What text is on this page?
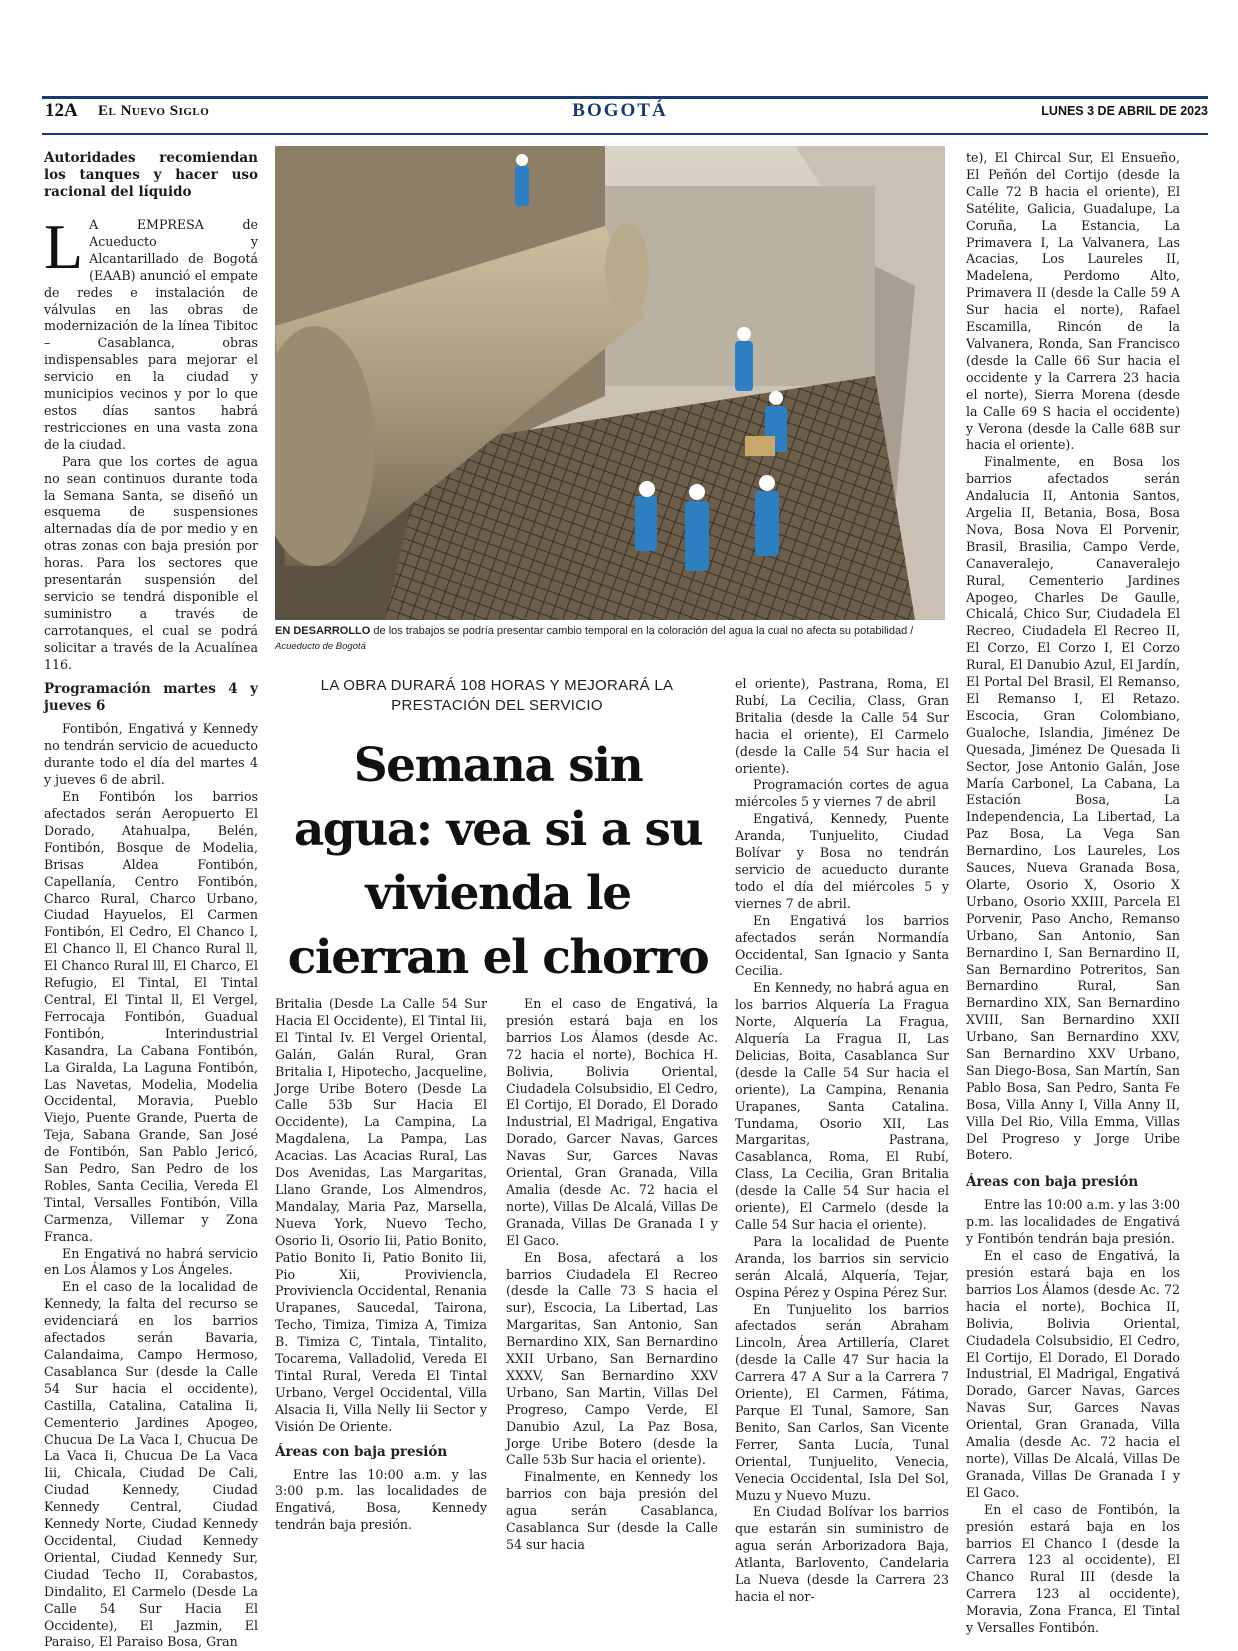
12A El Nuevo Siglo	BOGOTÁ	LUNES 3 DE ABRIL DE 2023
Autoridades recomiendan los tanques y hacer uso racional del líquido

L A EMPRESA de Acueducto y Alcantarillado de Bogotá (EAAB) anunció el empate de redes e instalación de válvulas en las obras de modernización de la línea Tibitoc – Casablanca, obras indispensables para mejorar el servicio en la ciudad y municipios vecinos y por lo que estos días santos habrá restricciones en una vasta zona de la ciudad.

Para que los cortes de agua no sean continuos durante toda la Semana Santa, se diseñó un esquema de suspensiones alternadas día de por medio y en otras zonas con baja presión por horas. Para los sectores que presentarán suspensión del servicio se tendrá disponible el suministro a través de carrotanques, el cual se podrá solicitar a través de la Acualínea 116.

Programación martes 4 y jueves 6

Fontibón, Engativá y Kennedy no tendrán servicio de acueducto durante todo el día del martes 4 y jueves 6 de abril.

En Fontibón los barrios afectados serán Aeropuerto El Dorado, Atahualpa, Belén, Fontibón, Bosque de Modelia, Brisas Aldea Fontibón, Capellanía, Centro Fontibón, Charco Rural, Charco Urbano, Ciudad Hayuelos, El Carmen Fontibón, El Cedro, El Chanco l, El Chanco ll, El Chanco Rural ll, El Chanco Rural lll, El Charco, El Refugio, El Tintal, El Tintal Central, El Tintal ll, El Vergel, Ferrocaja Fontibón, Guadual Fontibón, Interindustrial Kasandra, La Cabana Fontibón, La Giralda, La Laguna Fontibón, Las Navetas, Modelia, Modelia Occidental, Moravia, Pueblo Viejo, Puente Grande, Puerta de Teja, Sabana Grande, San José de Fontibón, San Pablo Jericó, San Pedro, San Pedro de los Robles, Santa Cecilia, Vereda El Tintal, Versalles Fontibón, Villa Carmenza, Villemar y Zona Franca.

En Engativá no habrá servicio en Los Álamos y Los Ángeles.

En el caso de la localidad de Kennedy, la falta del recurso se evidenciará en los barrios afectados serán Bavaria, Calandaima, Campo Hermoso, Casablanca Sur (desde la Calle 54 Sur hacia el occidente), Castilla, Catalina, Catalina Ii, Cementerio Jardines Apogeo, Chucua De La Vaca I, Chucua De La Vaca Ii, Chucua De La Vaca Iii, Chicala, Ciudad De Cali, Ciudad Kennedy, Ciudad Kennedy Central, Ciudad Kennedy Norte, Ciudad Kennedy Occidental, Ciudad Kennedy Oriental, Ciudad Kennedy Sur, Ciudad Techo II, Corabastos, Dindalito, El Carmelo (Desde La Calle 54 Sur Hacia El Occidente), El Jazmin, El Paraiso, El Paraiso Bosa, Gran

EN DESARROLLO de los trabajos se podría presentar cambio temporal en la coloración del agua la cual no afecta su potabilidad / Acueducto de Bogotá
LA OBRA DURARÁ 108 HORAS Y MEJORARÁ LA PRESTACIÓN DEL SERVICIO
Semana sin agua: vea si a su vivienda le cierran el chorro

Britalia (Desde La Calle 54 Sur Hacia El Occidente), El Tintal Iii, El Tintal Iv. El Vergel Oriental, Galán, Galán Rural, Gran Britalia I, Hipotecho, Jacqueline, Jorge Uribe Botero (Desde La Calle 53b Sur Hacia El Occidente), La Campina, La Magdalena, La Pampa, Las Acacias. Las Acacias Rural, Las Dos Avenidas, Las Margaritas, Llano Grande, Los Almendros, Mandalay, Maria Paz, Marsella, Nueva York, Nuevo Techo, Osorio Ii, Osorio Iii, Patio Bonito, Patio Bonito Ii, Patio Bonito Iii, Pio Xii, Proviviencla, Proviviencla Occidental, Renania Urapanes, Saucedal, Tairona, Techo, Timiza, Timiza A, Timiza B. Timiza C, Tintala, Tintalito, Tocarema, Valladolid, Vereda El Tintal Rural, Vereda El Tintal Urbano, Vergel Occidental, Villa Alsacia Ii, Villa Nelly Iii Sector y Visión De Oriente.

Áreas con baja presión

Entre las 10:00 a.m. y las 3:00 p.m. las localidades de Engativá, Bosa, Kennedy tendrán baja presión.

En el caso de Engativá, la presión estará baja en los barrios Los Álamos (desde Ac. 72 hacia el norte), Bochica H. Bolivia, Bolivia Oriental, Ciudadela Colsubsidio, El Cedro, El Cortijo, El Dorado, El Dorado Industrial, El Madrigal, Engativa Dorado, Garcer Navas, Garces Navas Sur, Garces Navas Oriental, Gran Granada, Villa Amalia (desde Ac. 72 hacia el norte), Villas De Alcalá, Villas De Granada, Villas De Granada I y El Gaco.

En Bosa, afectará a los barrios Ciudadela El Recreo (desde la Calle 73 S hacia el sur), Escocia, La Libertad, Las Margaritas, San Antonio, San Bernardino XIX, San Bernardino XXII Urbano, San Bernardino XXXV, San Bernardino XXV Urbano, San Martin, Villas Del Progreso, Campo Verde, El Danubio Azul, La Paz Bosa, Jorge Uribe Botero (desde la Calle 53b Sur hacia el oriente).

Finalmente, en Kennedy los barrios con baja presión del agua serán Casablanca, Casablanca Sur (desde la Calle 54 sur hacia

el oriente), Pastrana, Roma, El Rubí, La Cecilia, Class, Gran Britalia (desde la Calle 54 Sur hacia el oriente), El Carmelo (desde la Calle 54 Sur hacia el oriente).

Programación cortes de agua miércoles 5 y viernes 7 de abril

Engativá, Kennedy, Puente Aranda, Tunjuelito, Ciudad Bolívar y Bosa no tendrán servicio de acueducto durante todo el día del miércoles 5 y viernes 7 de abril.

En Engativá los barrios afectados serán Normandía Occidental, San Ignacio y Santa Cecilia.

En Kennedy, no habrá agua en los barrios Alquería La Fragua Norte, Alquería La Fragua, Alquería La Fragua II, Las Delicias, Boita, Casablanca Sur (desde la Calle 54 Sur hacia el oriente), La Campina, Renania Urapanes, Santa Catalina. Tundama, Osorio XII, Las Margaritas, Pastrana, Casablanca, Roma, El Rubí, Class, La Cecilia, Gran Britalia (desde la Calle 54 Sur hacia el oriente), El Carmelo (desde la Calle 54 Sur hacia el oriente).

Para la localidad de Puente Aranda, los barrios sin servicio serán Alcalá, Alquería, Tejar, Ospina Pérez y Ospina Pérez Sur.

En Tunjuelito los barrios afectados serán Abraham Lincoln, Área Artillería, Claret (desde la Calle 47 Sur hacia la Carrera 47 A Sur a la Carrera 7 Oriente), El Carmen, Fátima, Parque El Tunal, Samore, San Benito, San Carlos, San Vicente Ferrer, Santa Lucía, Tunal Oriental, Tunjuelito, Venecia, Venecia Occidental, Isla Del Sol, Muzu y Nuevo Muzu.

En Ciudad Bolívar los barrios que estarán sin suministro de agua serán Arborizadora Baja, Atlanta, Barlovento, Candelaria La Nueva (desde la Carrera 23 hacia el nor-

te), El Chircal Sur, El Ensueño, El Peñón del Cortijo (desde la Calle 72 B hacia el oriente), El Satélite, Galicia, Guadalupe, La Coruña, La Estancia, La Primavera I, La Valvanera, Las Acacias, Los Laureles II, Madelena, Perdomo Alto, Primavera II (desde la Calle 59 A Sur hacia el norte), Rafael Escamilla, Rincón de la Valvanera, Ronda, San Francisco (desde la Calle 66 Sur hacia el occidente y la Carrera 23 hacia el norte), Sierra Morena (desde la Calle 69 S hacia el occidente) y Verona (desde la Calle 68B sur hacia el oriente).

Finalmente, en Bosa los barrios afectados serán Andalucia II, Antonia Santos, Argelia II, Betania, Bosa, Bosa Nova, Bosa Nova El Porvenir, Brasil, Brasilia, Campo Verde, Canaveralejo, Canaveralejo Rural, Cementerio Jardines Apogeo, Charles De Gaulle, Chicalá, Chico Sur, Ciudadela El Recreo, Ciudadela El Recreo II, El Corzo, El Corzo I, El Corzo Rural, El Danubio Azul, El Jardín, El Portal Del Brasil, El Remanso, El Remanso I, El Retazo. Escocia, Gran Colombiano, Gualoche, Islandia, Jiménez De Quesada, Jiménez De Quesada Ii Sector, Jose Antonio Galán, Jose María Carbonel, La Cabana, La Estación Bosa, La Independencia, La Libertad, La Paz Bosa, La Vega San Bernardino, Los Laureles, Los Sauces, Nueva Granada Bosa, Olarte, Osorio X, Osorio X Urbano, Osorio XXIII, Parcela El Porvenir, Paso Ancho, Remanso Urbano, San Antonio, San Bernardino I, San Bernardino II, San Bernardino Potreritos, San Bernardino Rural, San Bernardino XIX, San Bernardino XVIII, San Bernardino XXII Urbano, San Bernardino XXV, San Bernardino XXV Urbano, San Diego-Bosa, San Martín, San Pablo Bosa, San Pedro, Santa Fe Bosa, Villa Anny I, Villa Anny II, Villa Del Rio, Villa Emma, Villas Del Progreso y Jorge Uribe Botero.

Áreas con baja presión

Entre las 10:00 a.m. y las 3:00 p.m. las localidades de Engativá y Fontibón tendrán baja presión.

En el caso de Engativá, la presión estará baja en los barrios Los Álamos (desde Ac. 72 hacia el norte), Bochica II, Bolivia, Bolivia Oriental, Ciudadela Colsubsidio, El Cedro, El Cortijo, El Dorado, El Dorado Industrial, El Madrigal, Engativá Dorado, Garcer Navas, Garces Navas Sur, Garces Navas Oriental, Gran Granada, Villa Amalia (desde Ac. 72 hacia el norte), Villas De Alcalá, Villas De Granada, Villas De Granada I y El Gaco.

En el caso de Fontibón, la presión estará baja en los barrios El Chanco I (desde la Carrera 123 al occidente), El Chanco Rural III (desde la Carrera 123 al occidente), Moravia, Zona Franca, El Tintal y Versalles Fontibón.
